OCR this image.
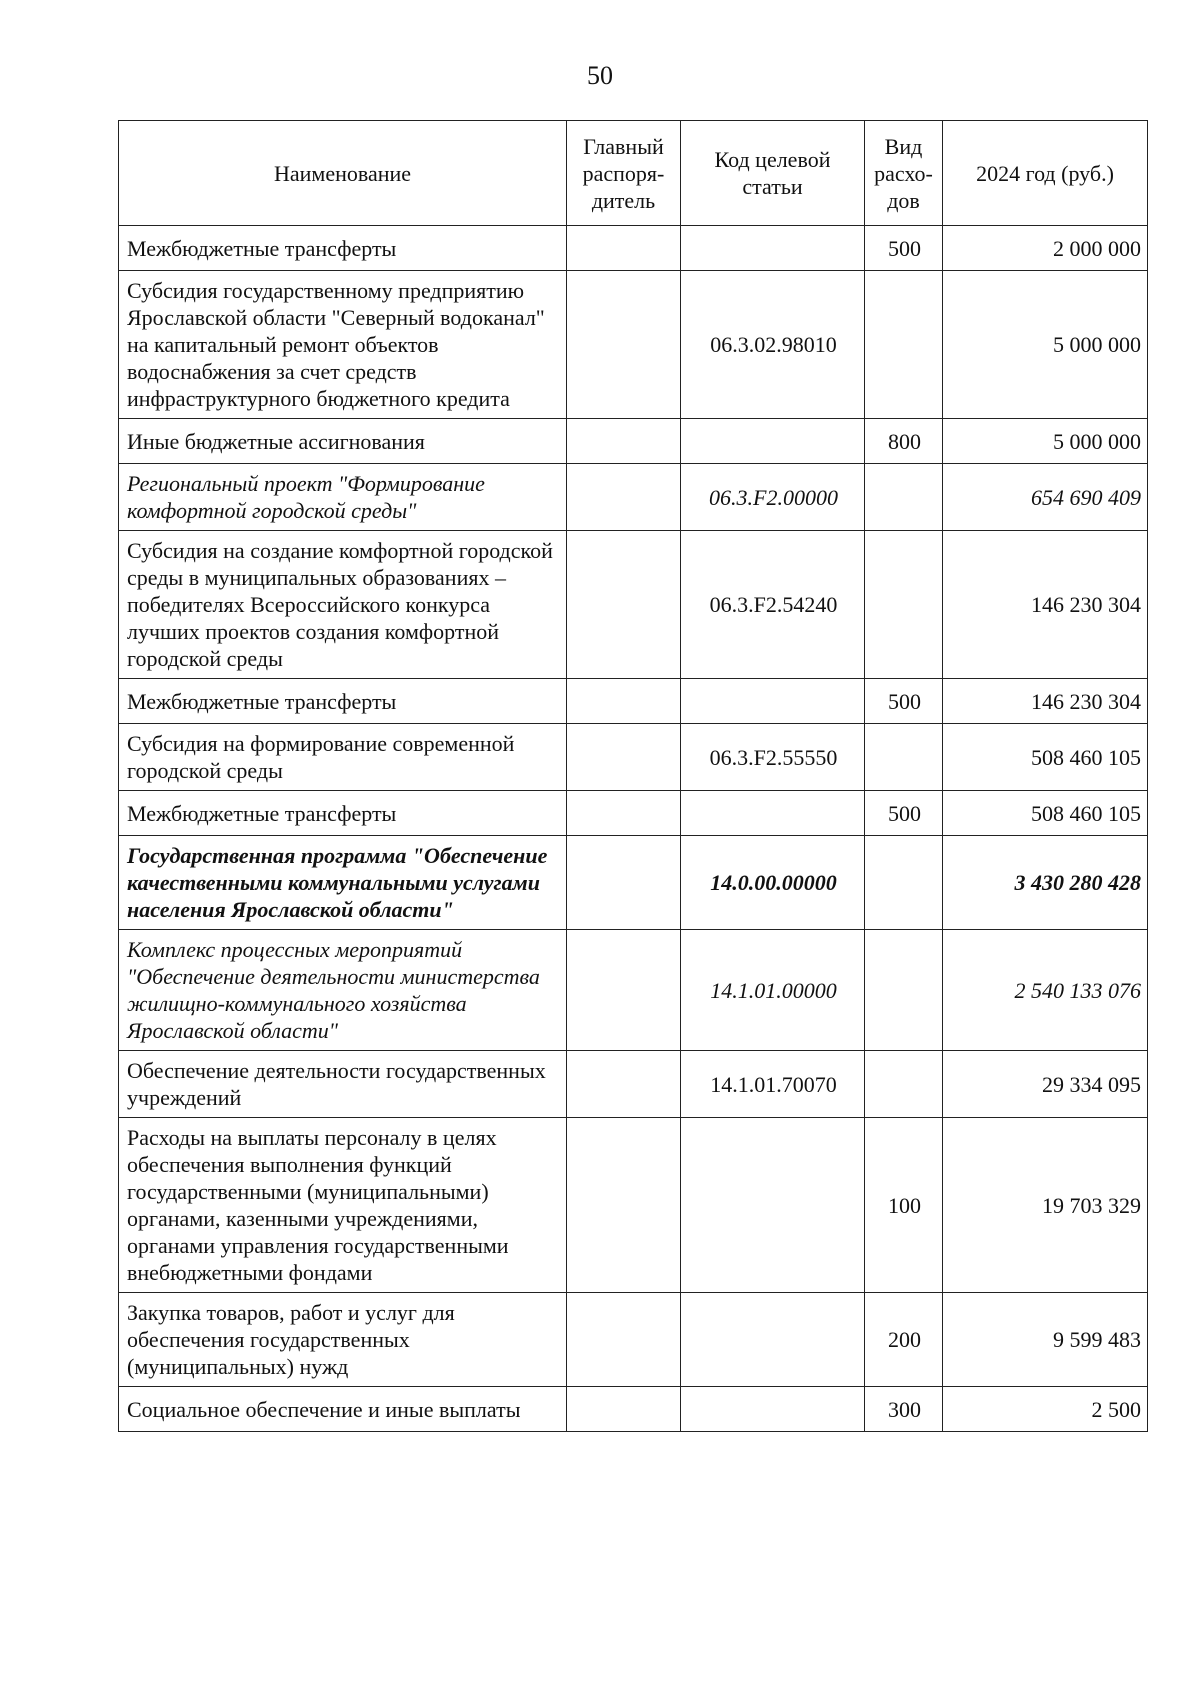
50
Наименование	Главный распоря-дитель	Код целевой статьи	Вид расхо-дов	2024 год (руб.)
Межбюджетные трансферты			500	2 000 000
Субсидия государственному предприятию Ярославской области "Северный водоканал" на капитальный ремонт объектов водоснабжения за счет средств инфраструктурного бюджетного кредита		06.3.02.98010		5 000 000
Иные бюджетные ассигнования			800	5 000 000
Региональный проект "Формирование комфортной городской среды"		06.3.F2.00000		654 690 409
Субсидия на создание комфортной городской среды в муниципальных образованиях – победителях Всероссийского конкурса лучших проектов создания комфортной городской среды		06.3.F2.54240		146 230 304
Межбюджетные трансферты			500	146 230 304
Субсидия на формирование современной городской среды		06.3.F2.55550		508 460 105
Межбюджетные трансферты			500	508 460 105
Государственная программа "Обеспечение качественными коммунальными услугами населения Ярославской области"		14.0.00.00000		3 430 280 428
Комплекс процессных мероприятий "Обеспечение деятельности министерства жилищно-коммунального хозяйства Ярославской области"		14.1.01.00000		2 540 133 076
Обеспечение деятельности государственных учреждений		14.1.01.70070		29 334 095
Расходы на выплаты персоналу в целях обеспечения выполнения функций государственными (муниципальными) органами, казенными учреждениями, органами управления государственными внебюджетными фондами			100	19 703 329
Закупка товаров, работ и услуг для обеспечения государственных (муниципальных) нужд			200	9 599 483
Социальное обеспечение и иные выплаты			300	2 500
